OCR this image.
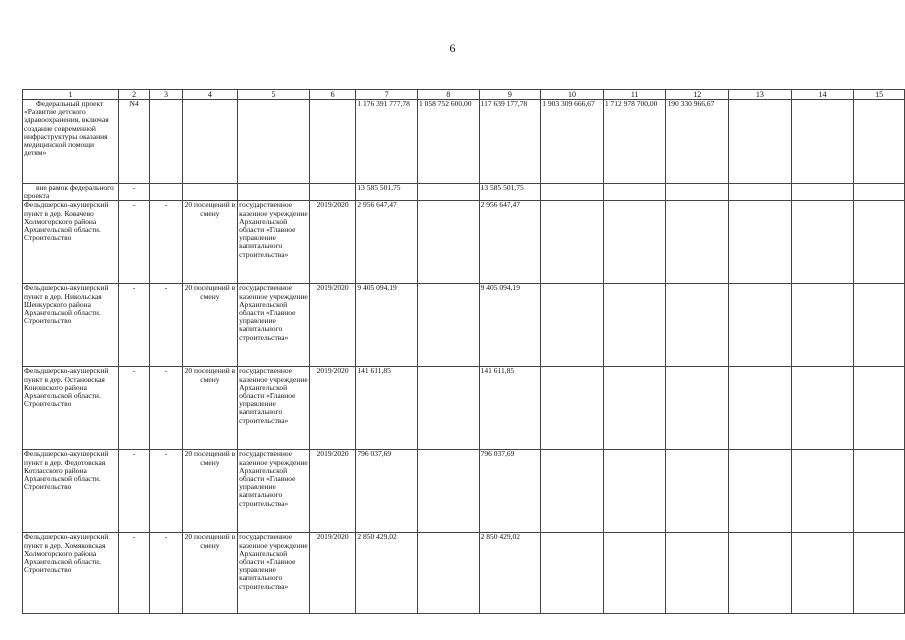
6
1	2	3	4	5	6	7	8	9	10	11	12	13	14	15
Федеральный проект «Развитие детского здравоохранения, включая создание современной инфраструктуры оказания медицинской помощи детям»	N4					1 176 391 777,78	1 058 752 600,00	117 639 177,78	1 903 309 666,67	1 712 978 700,00	190 330 966,67			
вне рамок федерального проекта	-					13 585 501,75		13 585 501,75						
Фельдшерско-акушерский пункт в дер. Ковачево Холмогорского района Архангельской области. Строительство	-	-	20 посещений в смену	государственное казенное учреждение Архангельской области «Главное управление капитального строительства»	2019/2020	2 956 647,47		2 956 647,47						
Фельдшерско-акушерский пункт в дер. Никольская Шенкурского района Архангельской области. Строительство	-	-	20 посещений в смену	государственное казенное учреждение Архангельской области «Главное управление капитального строительства»	2019/2020	9 405 094,19		9 405 094,19						
Фельдшерско-акушерский пункт в дер. Остановская Коношского района Архангельской области. Строительство	-	-	20 посещений в смену	государственное казенное учреждение Архангельской области «Главное управление капитального строительства»	2019/2020	141 611,85		141 611,85						
Фельдшерско-акушерский пункт в дер. Федотовская Котласского района Архангельской области. Строительство	-	-	20 посещений в смену	государственное казенное учреждение Архангельской области «Главное управление капитального строительства»	2019/2020	796 037,69		796 037,69						
Фельдшерско-акушерский пункт в дер. Хомяковская Холмогорского района Архангельской области. Строительство	-	-	20 посещений в смену	государственное казенное учреждение Архангельской области «Главное управление капитального строительства»	2019/2020	2 850 429,02		2 850 429,02						
